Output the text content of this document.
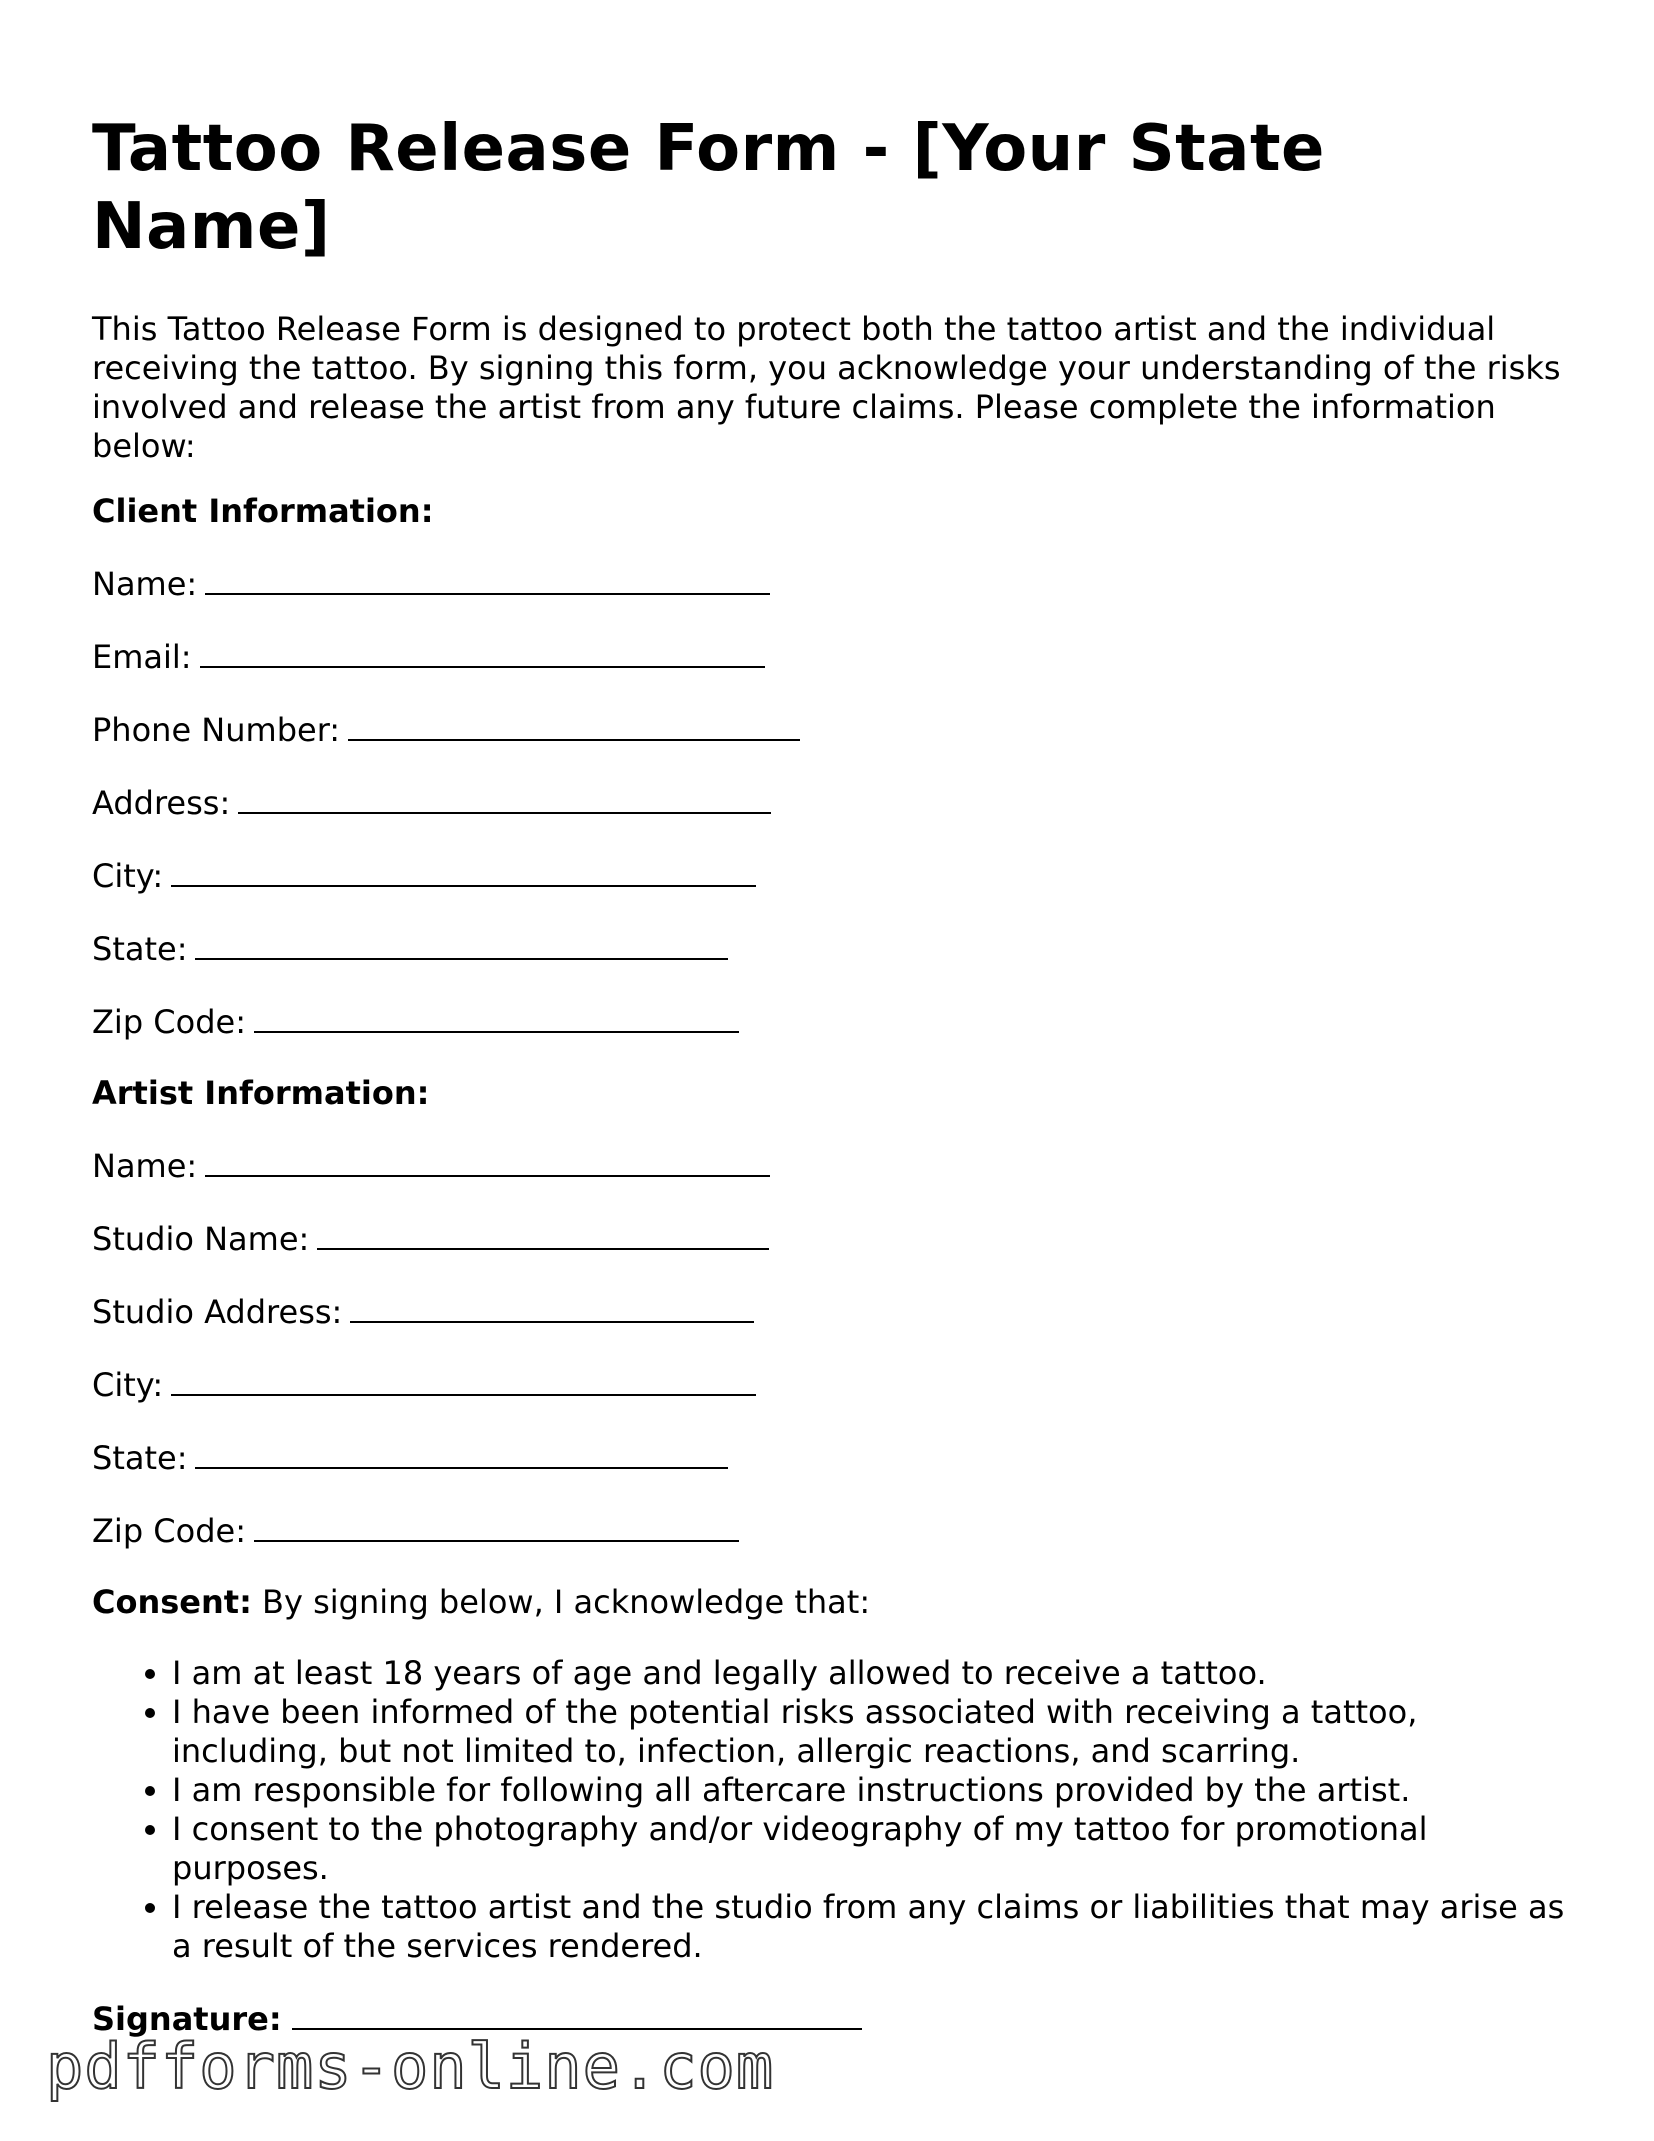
Tattoo Release Form - [Your State Name]

This Tattoo Release Form is designed to protect both the tattoo artist and the individual receiving the tattoo. By signing this form, you acknowledge your understanding of the risks involved and release the artist from any future claims. Please complete the information below:

Client Information:
Name:
Email:
Phone Number:
Address:
City:
State:
Zip Code:
Artist Information:
Name:
Studio Name:
Studio Address:
City:
State:
Zip Code:

Consent: By signing below, I acknowledge that:

• I am at least 18 years of age and legally allowed to receive a tattoo.
• I have been informed of the potential risks associated with receiving a tattoo, including, but not limited to, infection, allergic reactions, and scarring.
• I am responsible for following all aftercare instructions provided by the artist.
• I consent to the photography and/or videography of my tattoo for promotional purposes.
• I release the tattoo artist and the studio from any claims or liabilities that may arise as a result of the services rendered.
Signature:
pdfforms-online.com
